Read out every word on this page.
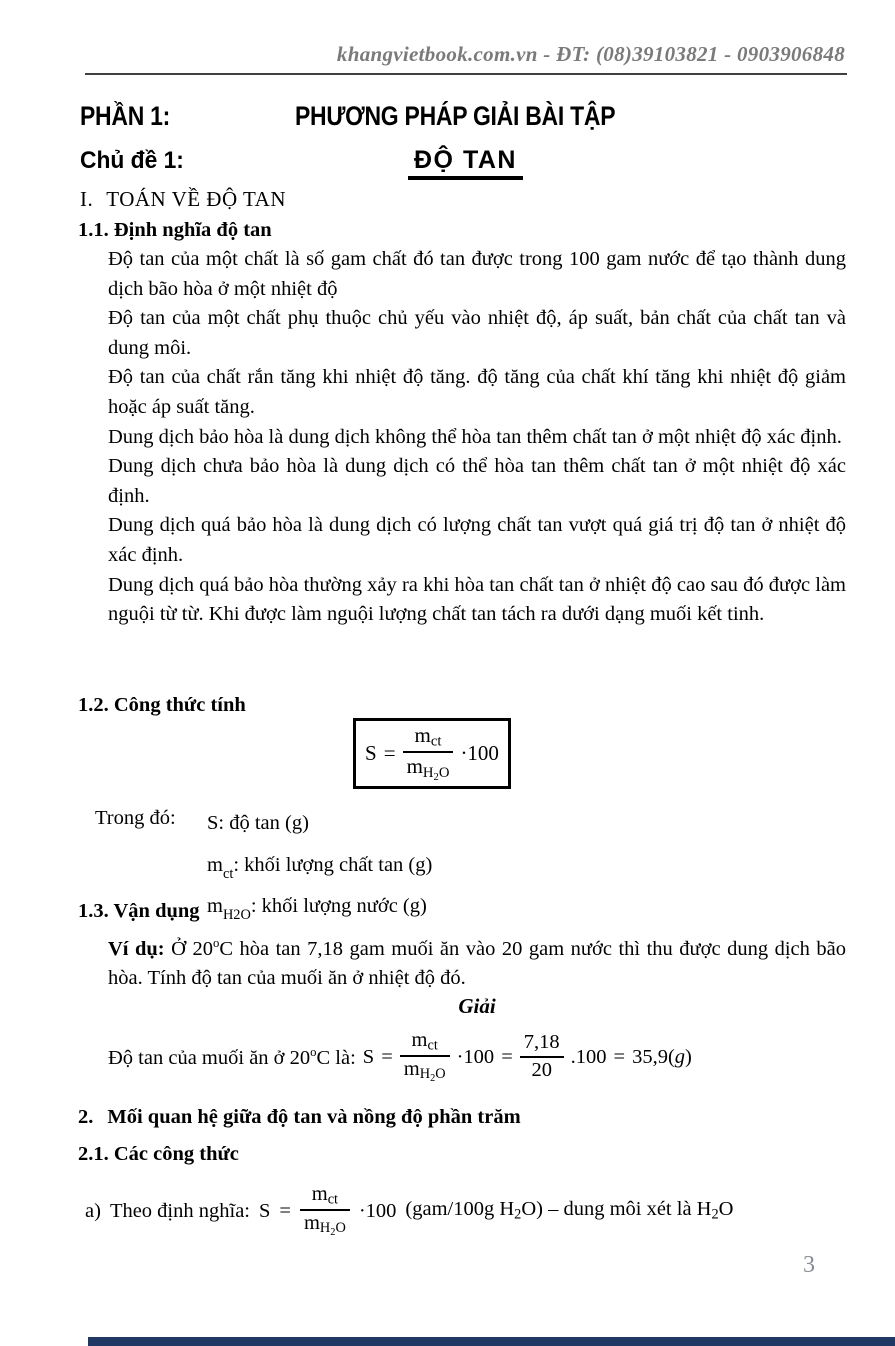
khangvietbook.com.vn - ĐT: (08)39103821 - 0903906848
PHẦN 1:	PHƯƠNG PHÁP GIẢI BÀI TẬP
Chủ đề 1:	ĐỘ TAN
I. TOÁN VỀ ĐỘ TAN
1.1. Định nghĩa độ tan

Độ tan của một chất là số gam chất đó tan được trong 100 gam nước để tạo thành dung dịch bão hòa ở một nhiệt độ

Độ tan của một chất phụ thuộc chủ yếu vào nhiệt độ, áp suất, bản chất của chất tan và dung môi.

Độ tan của chất rắn tăng khi nhiệt độ tăng. độ tăng của chất khí tăng khi nhiệt độ giảm hoặc áp suất tăng.

Dung dịch bảo hòa là dung dịch không thể hòa tan thêm chất tan ở một nhiệt độ xác định.

Dung dịch chưa bảo hòa là dung dịch có thể hòa tan thêm chất tan ở một nhiệt độ xác định.

Dung dịch quá bảo hòa là dung dịch có lượng chất tan vượt quá giá trị độ tan ở nhiệt độ xác định.

Dung dịch quá bảo hòa thường xảy ra khi hòa tan chất tan ở nhiệt độ cao sau đó được làm nguội từ từ. Khi được làm nguội lượng chất tan tách ra dưới dạng muối kết tinh.

1.2. Công thức tính
$S = \frac{\text{mct}}{mH_2O} \cdot 100$
Trong đó: S: độ tan (g)
$m_{ct}$: khối lượng chất tan (g)
$m_{H2O}$: khối lượng nước (g)
1.3. Vận dụng
Ví dụ: Ở 20$^o$C hòa tan 7,18 gam muối ăn vào 20 gam nước thì thu được dung dịch bão hòa. Tính độ tan của muối ăn ở nhiệt độ đó.
Giải
Độ tan của muối ăn ở 20$^o$C là: $S = \frac{\text{mct}}{mH_2O} \cdot 100 = \frac{7,18}{20} .100 = 35,9(g)$
2. Mối quan hệ giữa độ tan và nồng độ phần trăm
2.1. Các công thức
a) Theo định nghĩa: $S = \frac{\text{mct}}{mH_2O} \cdot 100$ (gam/100g H2O) – dung môi xét là H2O
3
